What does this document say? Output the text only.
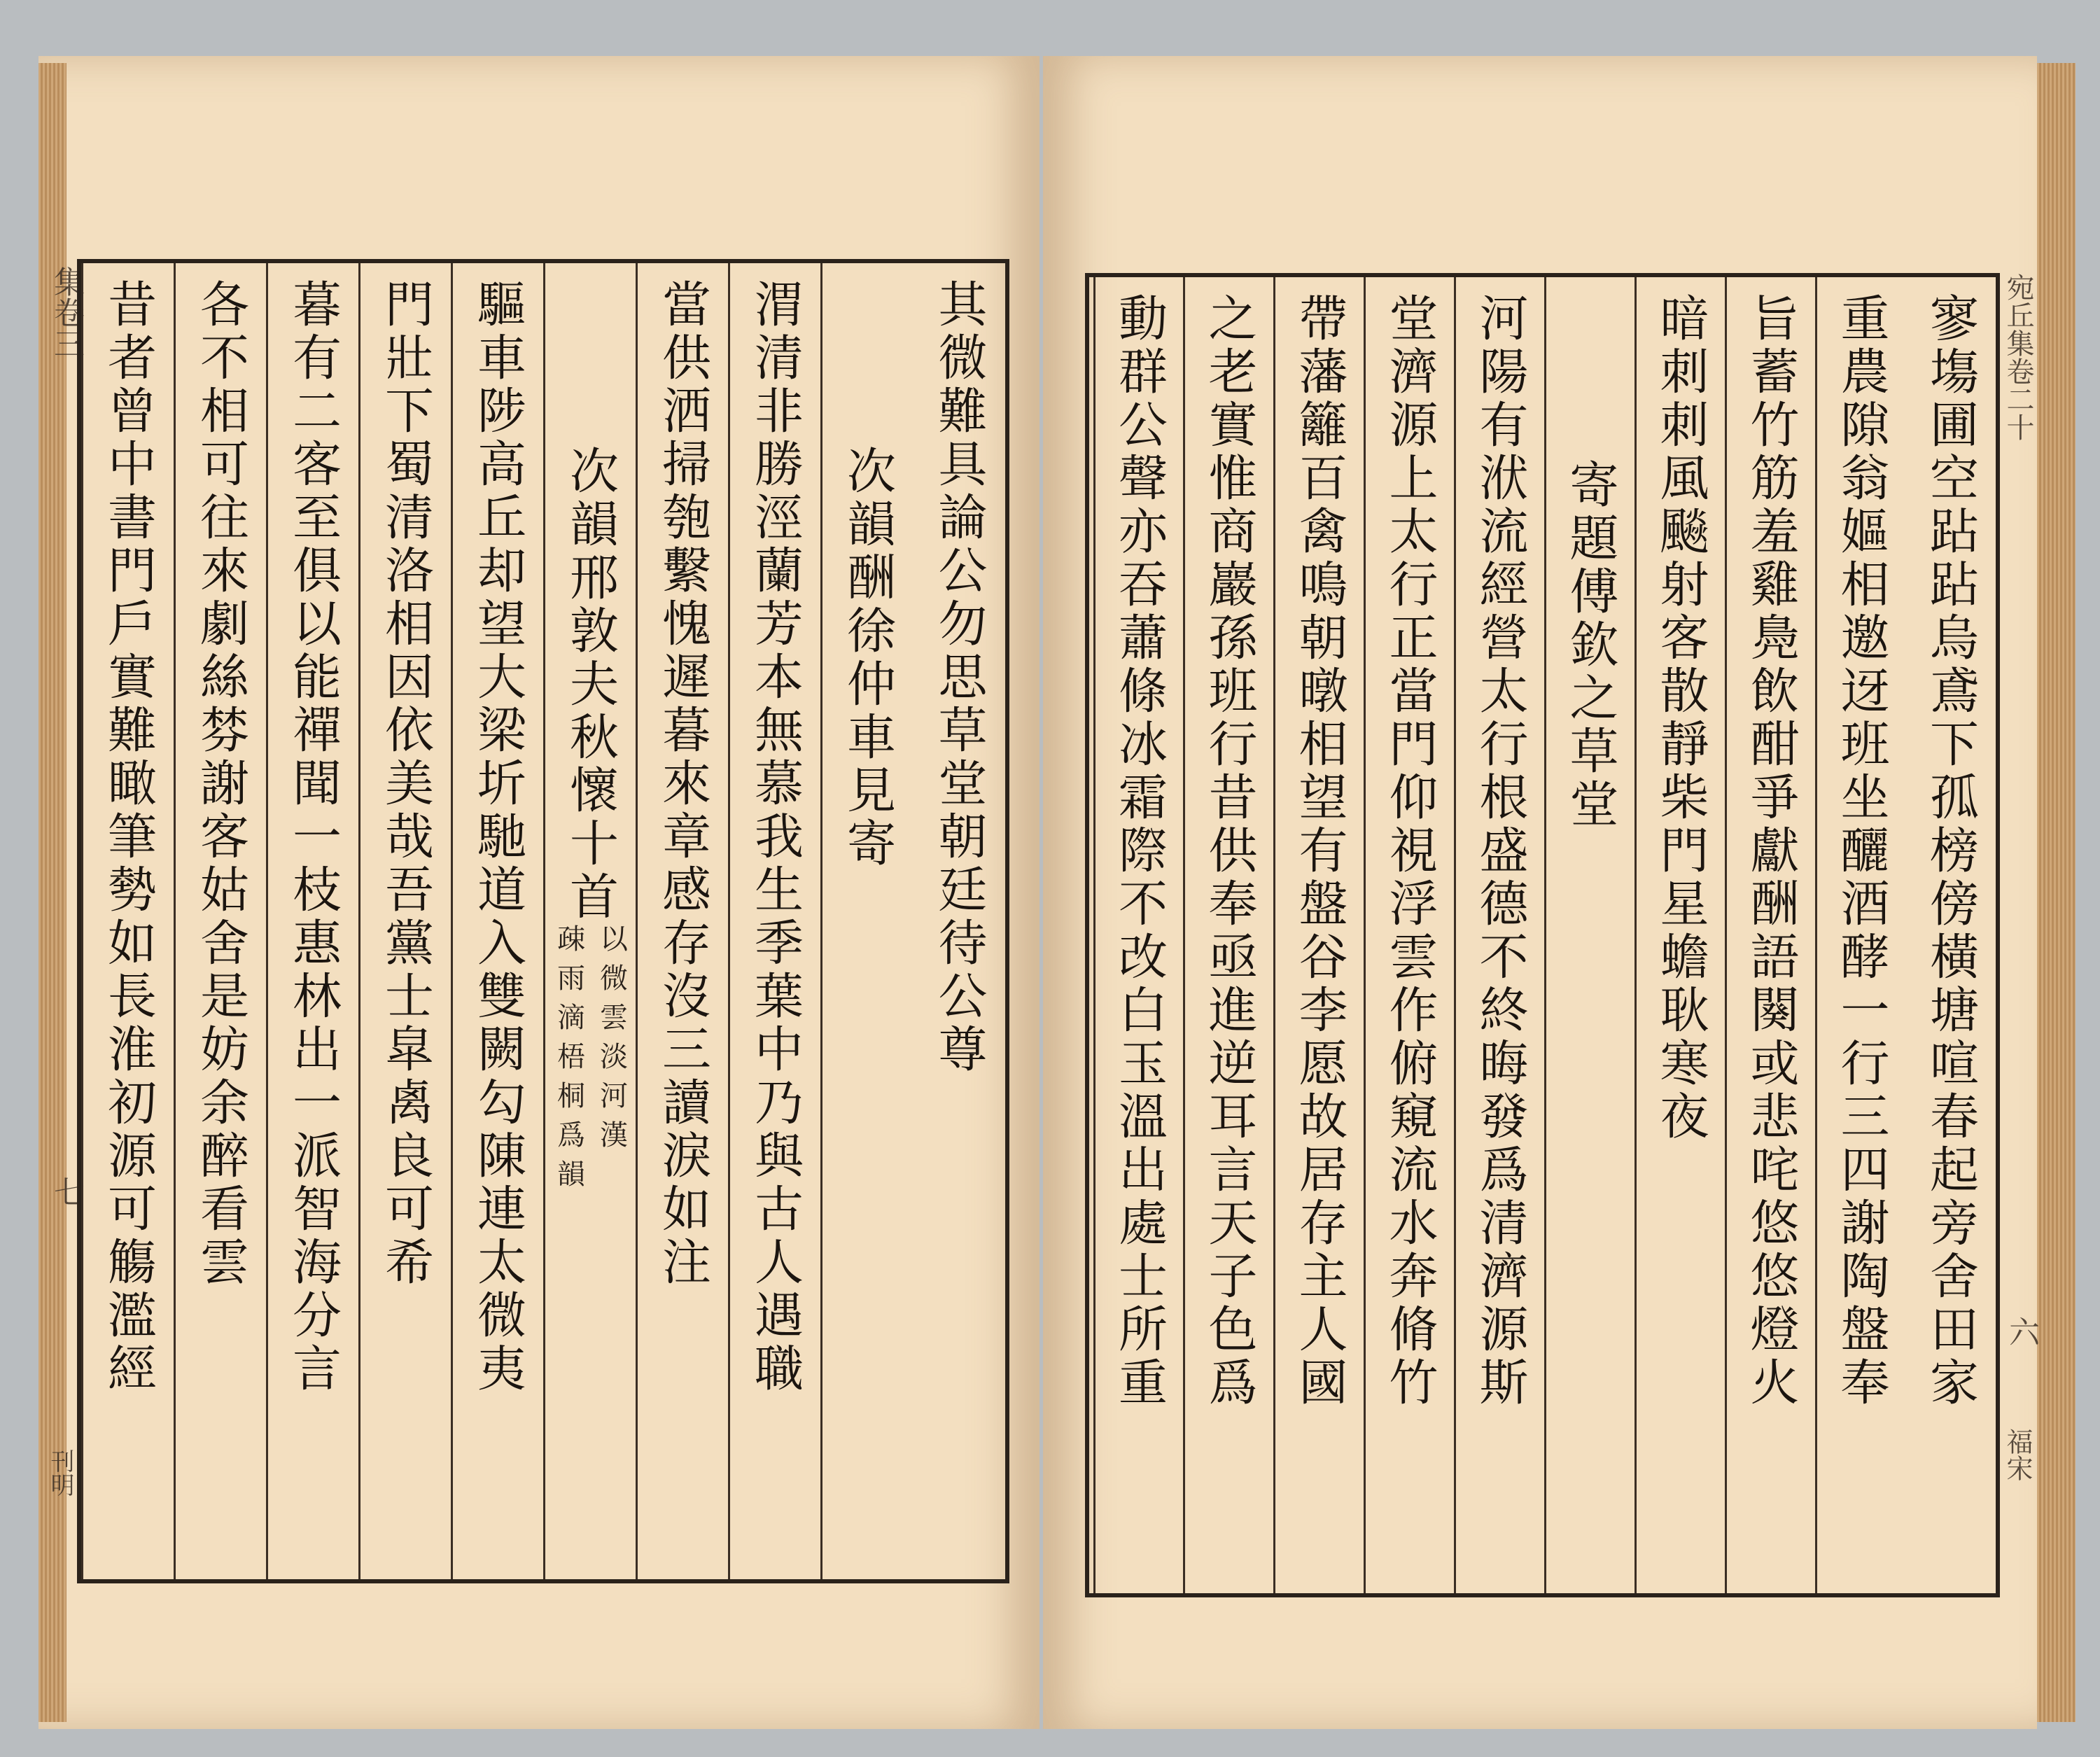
集卷三
七
刊明
宛丘集卷二十
六
福宋
其微難具論公勿思草堂朝廷待公尊
次韻酬徐仲車見寄
渭清非勝涇蘭芳本無慕我生季葉中乃與古人遇職
當供洒掃匏繫愧遲暮來章感存沒三讀淚如注
次韻邢敦夫秋懷十首
以微雲淡河漢
疎雨滴梧桐爲韻
驅車陟高丘却望大梁圻馳道入雙闕勾陳連太微夷
門壯下蜀清洛相因依美哉吾黨士皐禼良可希
暮有二客至俱以能禪聞一枝惠林出一派智海分言
各不相可往來劇絲棼謝客姑舍是妨余醉看雲
昔者曾中書門戶實難瞰筆勢如長淮初源可觴濫經	寥塲圃空跕跕烏鳶下孤榜傍橫塘喧春起旁舍田家
重農隙翁嫗相邀迓班坐釃酒酵一行三四謝陶盤奉
旨蓄竹筋羞雞鳧飲酣爭獻酬語闋或悲咤悠悠燈火
暗刺刺風飈射客散靜柴門星蟾耿寒夜
寄題傅欽之草堂
河陽有洑流經營太行根盛德不終晦發爲清濟源斯
堂濟源上太行正當門仰視浮雲作俯窺流水奔脩竹
帶藩籬百禽鳴朝暾相望有盤谷李愿故居存主人國
之老實惟商巖孫班行昔供奉亟進逆耳言天子色爲
動群公聲亦吞蕭條冰霜際不改白玉溫出處士所重
